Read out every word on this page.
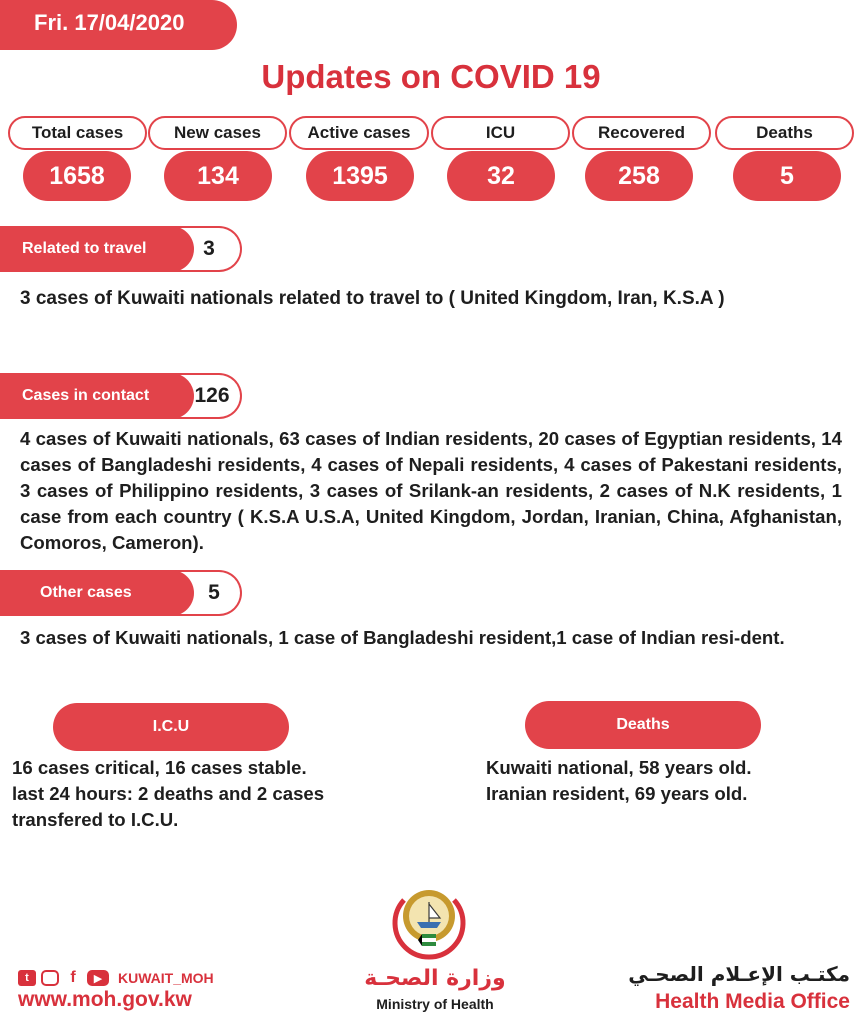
Fri. 17/04/2020
Updates on COVID 19
Total cases
1658
New cases
134
Active cases
1395
ICU
32
Recovered
258
Deaths
5
3
Related to travel
3 cases of Kuwaiti nationals related to travel to ( United Kingdom, Iran, K.S.A )
126
Cases in contact
4 cases of Kuwaiti nationals, 63 cases of Indian residents, 20 cases of Egyptian residents, 14 cases of Bangladeshi residents, 4 cases of Nepali residents, 4 cases of Pakestani residents, 3 cases of Philippino residents, 3 cases of Srilank-an residents, 2 cases of N.K residents, 1 case from each country ( K.S.A U.S.A, United Kingdom, Jordan, Iranian, China, Afghanistan, Comoros, Cameron).
5
Other cases
3 cases of Kuwaiti nationals, 1 case of Bangladeshi resident,1 case of Indian resi-dent.
I.C.U
16 cases critical, 16 cases stable.
last 24 hours: 2 deaths and 2 cases
transfered to I.C.U.
Deaths
Kuwaiti national, 58 years old.
Iranian resident, 69 years old.
t	f	▶	KUWAIT_MOH
www.moh.gov.kw
وزارة الصحـة
Ministry of Health
مكتـب الإعـلام الصحـي
Health Media Office
